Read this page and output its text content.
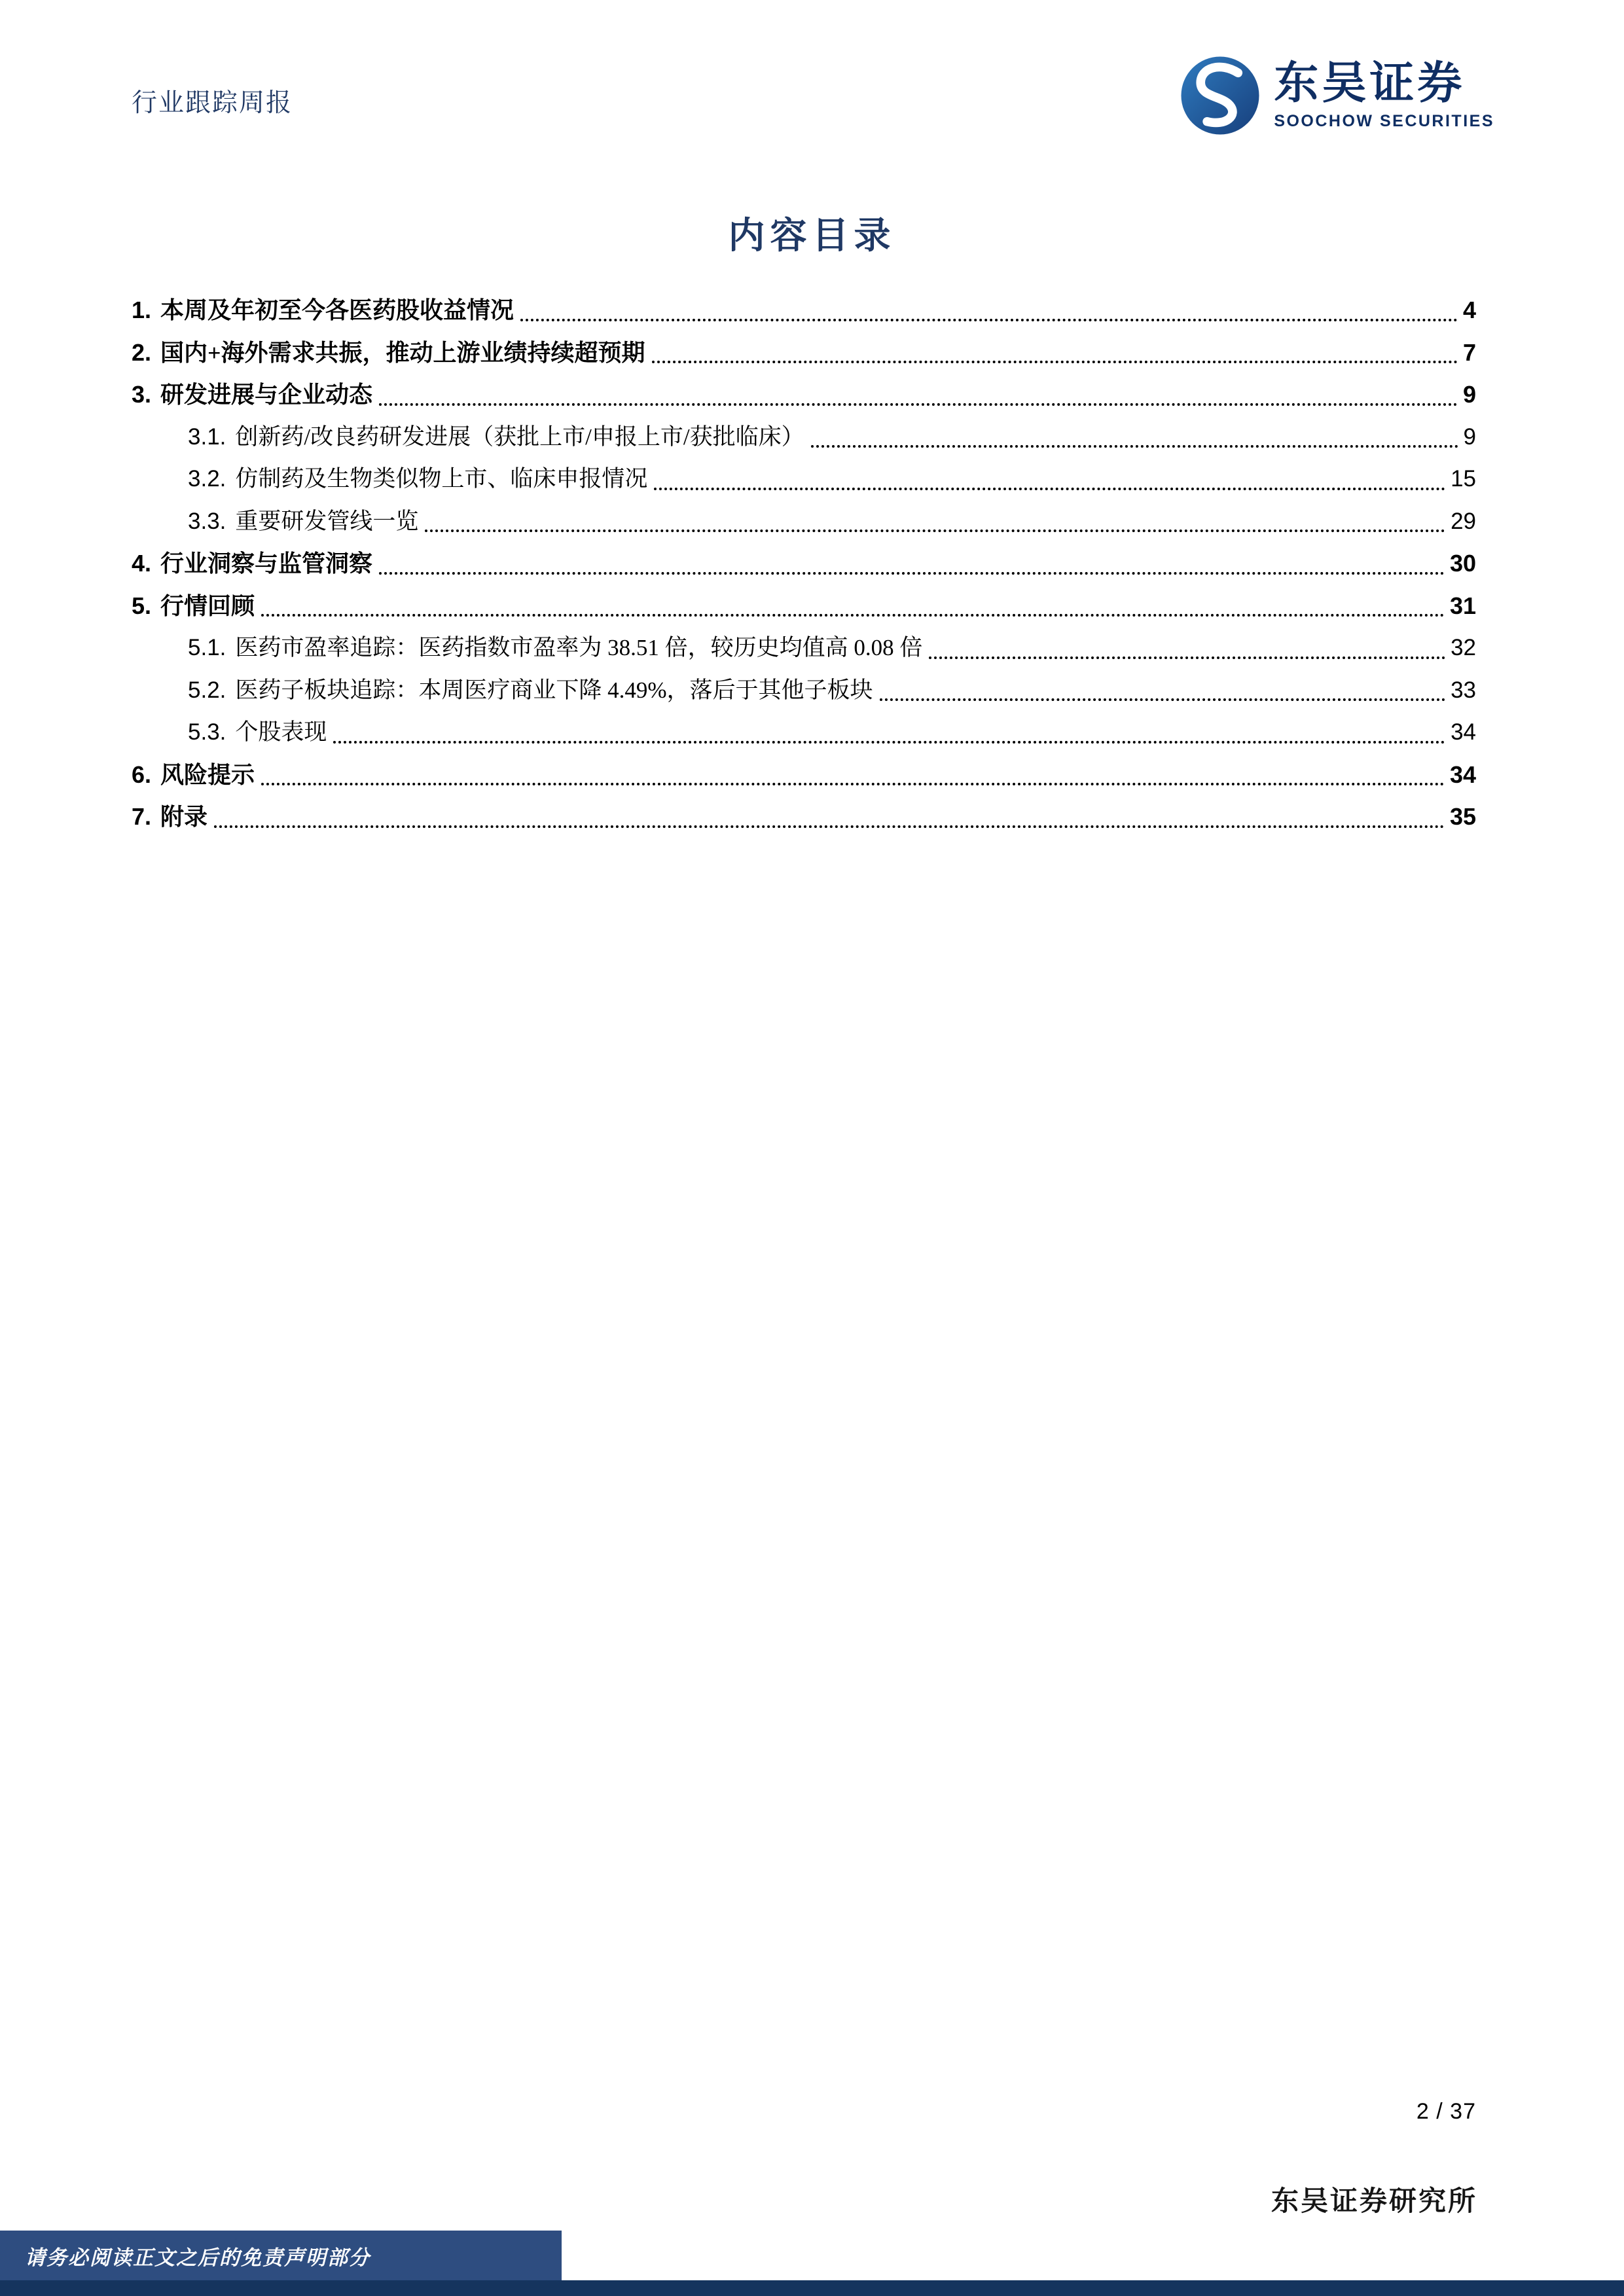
行业跟踪周报	东吴证券
SOOCHOW SECURITIES
内容目录
1. 本周及年初至今各医药股收益情况	4
2. 国内+海外需求共振，推动上游业绩持续超预期	7
3. 研发进展与企业动态	9
3.1. 创新药/改良药研发进展（获批上市/申报上市/获批临床）	9
3.2. 仿制药及生物类似物上市、临床申报情况	15
3.3. 重要研发管线一览	29
4. 行业洞察与监管洞察	30
5. 行情回顾	31
5.1. 医药市盈率追踪：医药指数市盈率为 38.51 倍，较历史均值高 0.08 倍	32
5.2. 医药子板块追踪：本周医疗商业下降 4.49%，落后于其他子板块	33
5.3. 个股表现	34
6. 风险提示	34
7. 附录	35
2 / 37
东吴证券研究所
请务必阅读正文之后的免责声明部分
